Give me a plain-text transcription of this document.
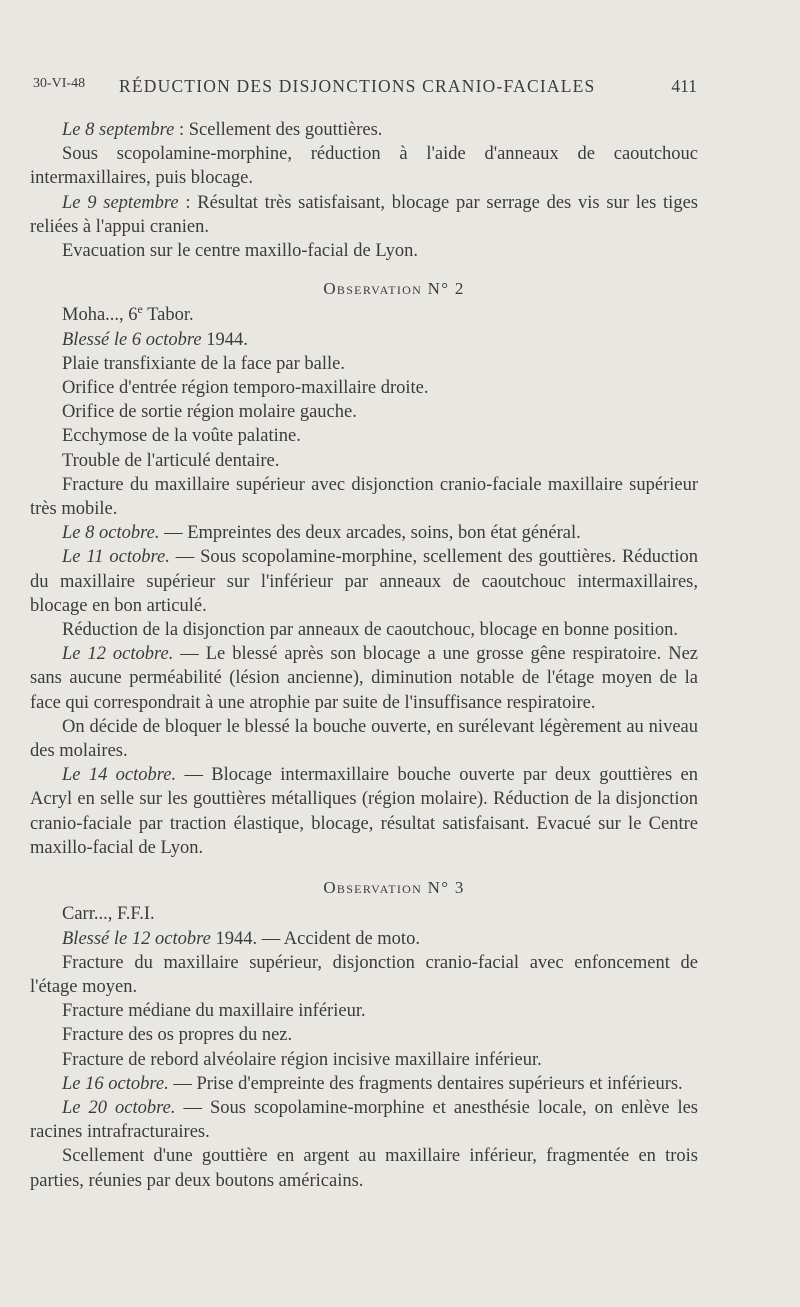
30-VI-48 RÉDUCTION DES DISJONCTIONS CRANIO-FACIALES	411

Le 8 septembre : Scellement des gouttières.

Sous scopolamine-morphine, réduction à l'aide d'anneaux de caoutchouc intermaxillaires, puis blocage.

Le 9 septembre : Résultat très satisfaisant, blocage par serrage des vis sur les tiges reliées à l'appui cranien.

Evacuation sur le centre maxillo-facial de Lyon.

Observation N° 2

Moha..., 6e Tabor.

Blessé le 6 octobre 1944.

Plaie transfixiante de la face par balle.

Orifice d'entrée région temporo-maxillaire droite.

Orifice de sortie région molaire gauche.

Ecchymose de la voûte palatine.

Trouble de l'articulé dentaire.

Fracture du maxillaire supérieur avec disjonction cranio-faciale maxillaire supérieur très mobile.

Le 8 octobre. — Empreintes des deux arcades, soins, bon état général.

Le 11 octobre. — Sous scopolamine-morphine, scellement des gouttières. Réduction du maxillaire supérieur sur l'inférieur par anneaux de caoutchouc intermaxillaires, blocage en bon articulé.

Réduction de la disjonction par anneaux de caoutchouc, blocage en bonne position.

Le 12 octobre. — Le blessé après son blocage a une grosse gêne respiratoire. Nez sans aucune perméabilité (lésion ancienne), diminution notable de l'étage moyen de la face qui correspondrait à une atrophie par suite de l'insuffisance respiratoire.

On décide de bloquer le blessé la bouche ouverte, en surélevant légèrement au niveau des molaires.

Le 14 octobre. — Blocage intermaxillaire bouche ouverte par deux gouttières en Acryl en selle sur les gouttières métalliques (région molaire). Réduction de la disjonction cranio-faciale par traction élastique, blocage, résultat satisfaisant. Evacué sur le Centre maxillo-facial de Lyon.

Observation N° 3

Carr..., F.F.I.

Blessé le 12 octobre 1944. — Accident de moto.

Fracture du maxillaire supérieur, disjonction cranio-facial avec enfoncement de l'étage moyen.

Fracture médiane du maxillaire inférieur.

Fracture des os propres du nez.

Fracture de rebord alvéolaire région incisive maxillaire inférieur.

Le 16 octobre. — Prise d'empreinte des fragments dentaires supérieurs et inférieurs.

Le 20 octobre. — Sous scopolamine-morphine et anesthésie locale, on enlève les racines intrafracturaires.

Scellement d'une gouttière en argent au maxillaire inférieur, fragmentée en trois parties, réunies par deux boutons américains.
